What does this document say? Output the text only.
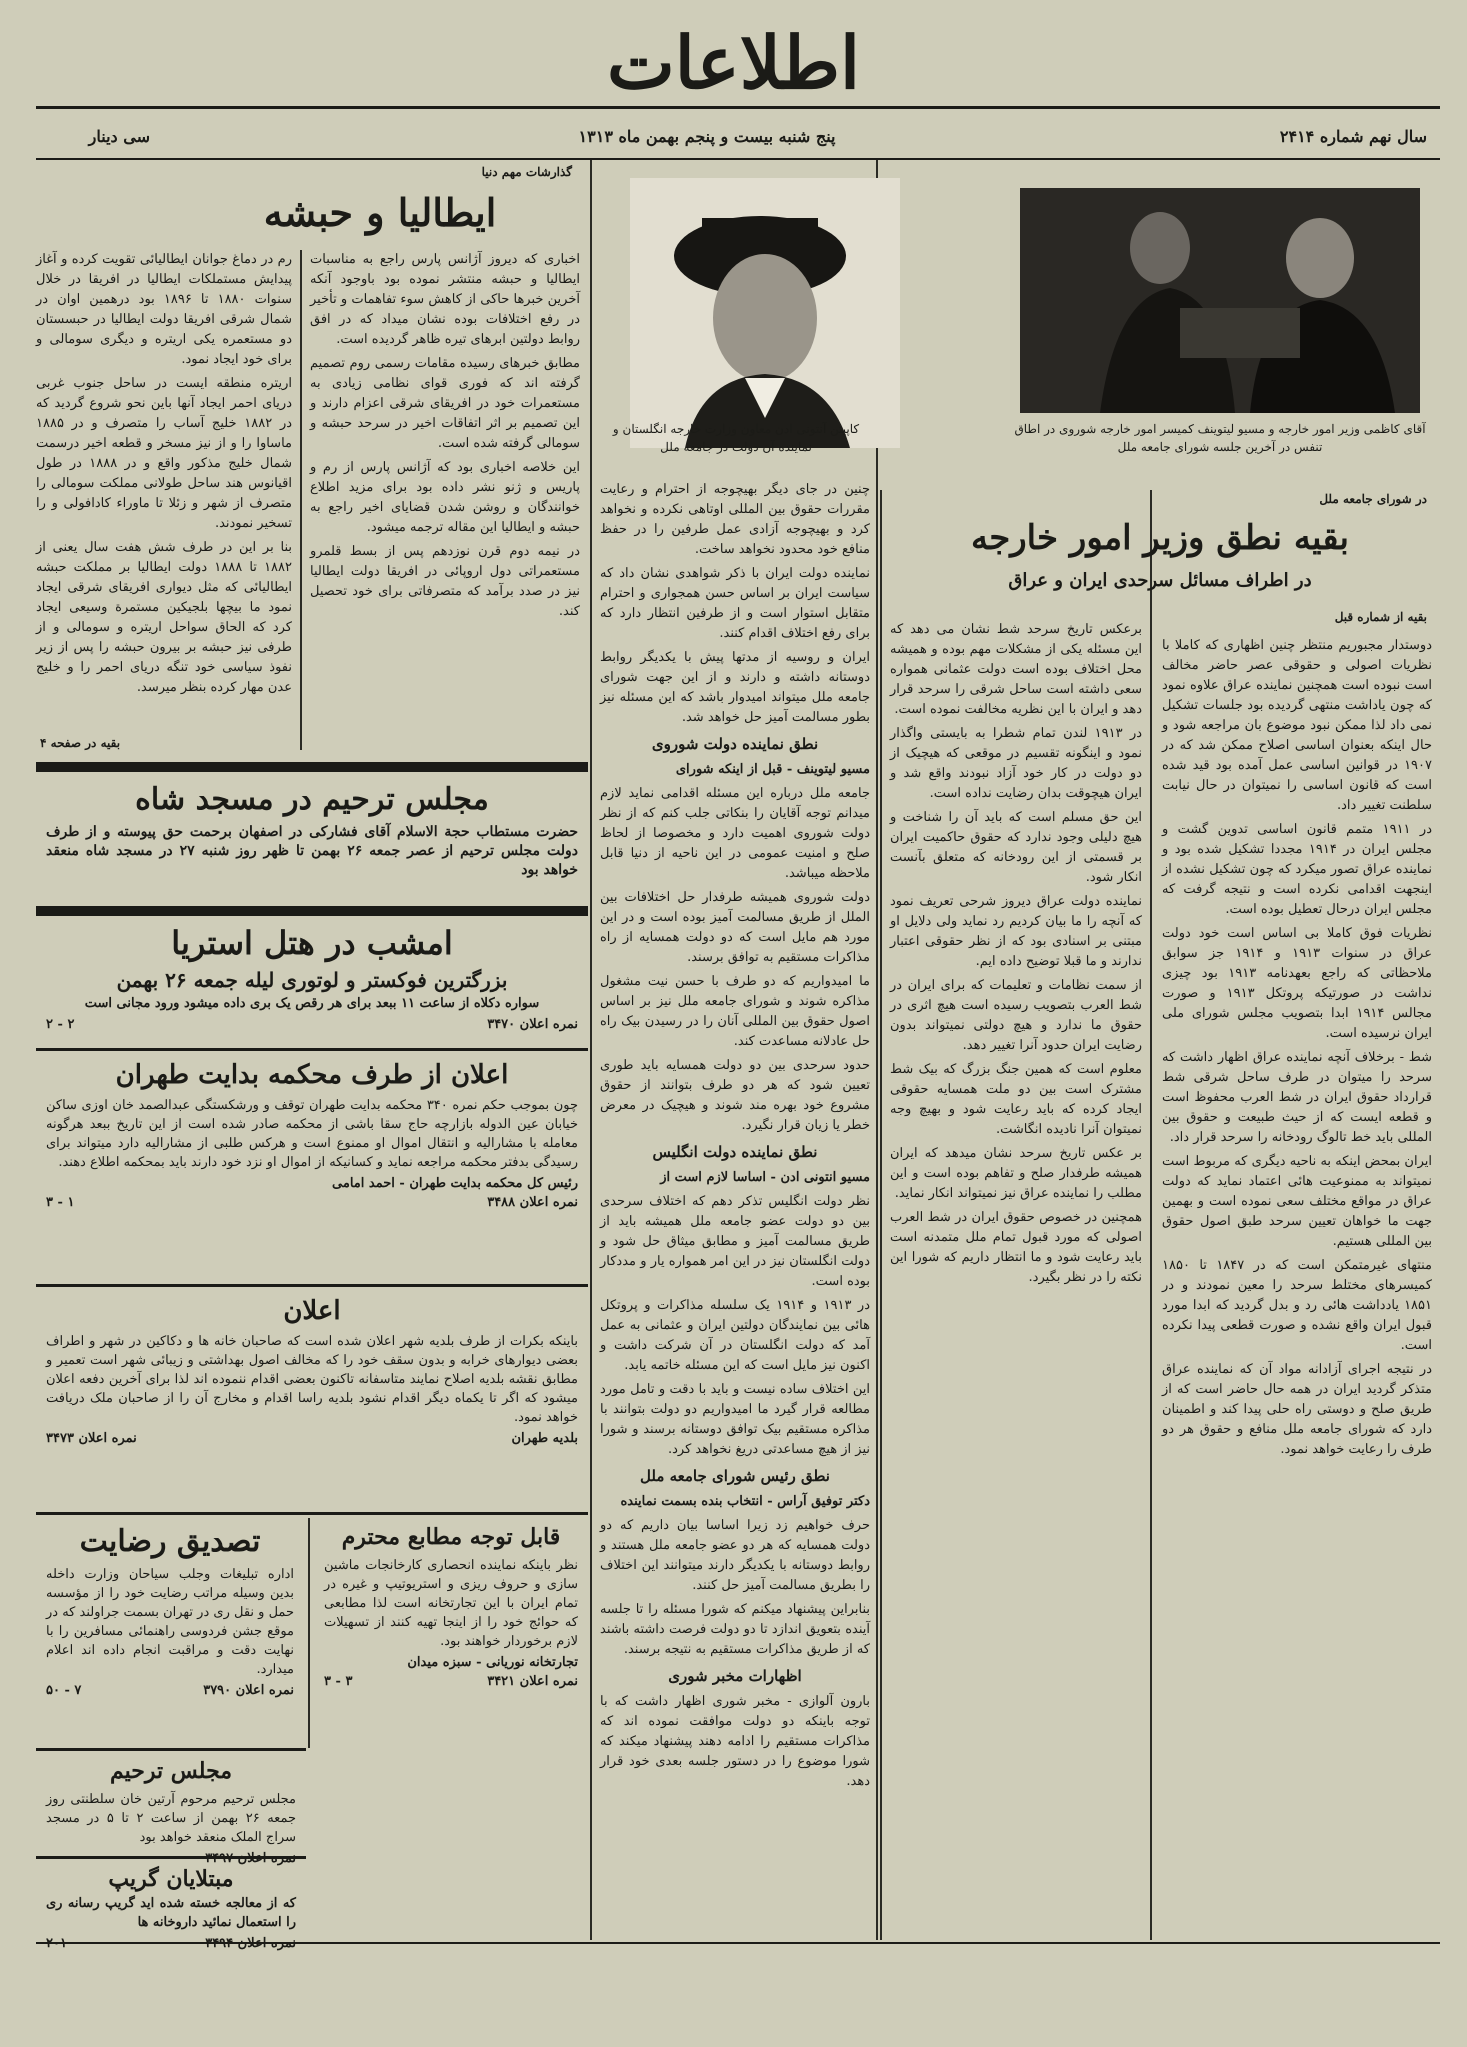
اطلاعات
سال نهم شماره ۲۴۱۴
پنج شنبه بیست و پنجم بهمن ماه ۱۳۱۳
سی دینار
آقای کاظمی وزیر امور خارجه و مسیو لیتوینف کمیسر امور خارجه شوروی در اطاق تنفس در آخرین جلسه شورای جامعه ملل
کاپیتن آنتونی ادن معاون وزارت خارجه انگلستان و نماینده آن دولت در جامعه ملل
گذارشات مهم دنیا
ایطالیا و حبشه

اخباری که دیروز آژانس پارس راجع به مناسبات ایطالیا و حبشه منتشر نموده بود باوجود آنکه آخرین خبرها حاکی از کاهش سوء تفاهمات و تأخیر در رفع اختلافات بوده نشان میداد که در افق روابط دولتین ابرهای تیره ظاهر گردیده است.

مطابق خبرهای رسیده مقامات رسمی روم تصمیم گرفته اند که فوری قوای نظامی زیادی به مستعمرات خود در افریقای شرقی اعزام دارند و این تصمیم بر اثر اتفاقات اخیر در سرحد حبشه و سومالی گرفته شده است.

این خلاصه اخباری بود که آژانس پارس از رم و پاریس و ژنو نشر داده بود برای مزید اطلاع خوانندگان و روشن شدن قضایای اخیر راجع به حبشه و ایطالیا این مقاله ترجمه میشود.

در نیمه دوم قرن نوزدهم پس از بسط قلمرو مستعمراتی دول اروپائی در افریقا دولت ایطالیا نیز در صدد برآمد که متصرفاتی برای خود تحصیل کند.

رم در دماغ جوانان ایطالیائی تقویت کرده و آغاز پیدایش مستملکات ایطالیا در افریقا در خلال سنوات ۱۸۸۰ تا ۱۸۹۶ بود درهمین اوان در شمال شرقی افریقا دولت ایطالیا در حبسستان دو مستعمره یکی اریتره و دیگری سومالی و برای خود ایجاد نمود.

اریتره منطقه ایست در ساحل جنوب غربی دریای احمر ایجاد آنها باین نحو شروع گردید که در ۱۸۸۲ خلیج آساب را متصرف و در ۱۸۸۵ ماساوا را و از نیز مسخر و قطعه اخیر درسمت شمال خلیج مذکور واقع و در ۱۸۸۸ در طول اقیانوس هند ساحل طولانی مملکت سومالی را متصرف از شهر و زئلا تا ماوراء کادافولی و را تسخیر نمودند.

بنا بر این در طرف شش هفت سال یعنی از ۱۸۸۲ تا ۱۸۸۸ دولت ایطالیا بر مملکت حبشه ایطالیائی که مثل دیواری افریقای شرقی ایجاد نمود ما بیچها بلجیکین مستمرة وسیعی ایجاد کرد که الحاق سواحل اریتره و سومالی و از طرفی نیز حبشه بر بیرون حبشه را پس از زیر نفوذ سیاسی خود تنگه دریای احمر را و خلیج عدن مهار کرده بنظر میرسد.

بقیه در صفحه ۴
مجلس ترحیم در مسجد شاه
حضرت مستطاب حجة الاسلام آقای فشارکی در اصفهان برحمت حق پیوسته و از طرف دولت مجلس ترحیم از عصر جمعه ۲۶ بهمن تا ظهر روز شنبه ۲۷ در مسجد شاه منعقد خواهد بود
امشب در هتل استریا
بزرگترین فوکستر و لوتوری لیله جمعه ۲۶ بهمن
سواره دکلاه از ساعت ۱۱ ببعد برای هر رقص یک بری داده میشود ورود مجانی است
نمره اعلان ۳۴۷۰
۲ - ۲
اعلان از طرف محکمه بدایت طهران
چون بموجب حکم نمره ۳۴۰ محکمه بدایت طهران توقف و ورشکستگی عبدالصمد خان اوزی ساکن خیابان عین الدوله بازارچه حاج سقا باشی از محکمه صادر شده است از این تاریخ ببعد هرگونه معامله با مشارالیه و انتقال اموال او ممنوع است و هرکس طلبی از مشارالیه دارد میتواند برای رسیدگی بدفتر محکمه مراجعه نماید و کسانیکه از اموال او نزد خود دارند باید بمحکمه اطلاع دهند.
رئیس کل محکمه بدایت طهران - احمد امامی
نمره اعلان ۳۴۸۸
۱ - ۳
اعلان
باینکه بکرات از طرف بلدیه شهر اعلان شده است که صاحبان خانه ها و دکاکین در شهر و اطراف بعضی دیوارهای خرابه و بدون سقف خود را که مخالف اصول بهداشتی و زیبائی شهر است تعمیر و مطابق نقشه بلدیه اصلاح نمایند متاسفانه تاکنون بعضی اقدام ننموده اند لذا برای آخرین دفعه اعلان میشود که اگر تا یکماه دیگر اقدام نشود بلدیه راسا اقدام و مخارج آن را از صاحبان ملک دریافت خواهد نمود.
بلدیه طهران
نمره اعلان ۳۴۷۳
قابل توجه مطابع محترم
نظر باینکه نماینده انحصاری کارخانجات ماشین سازی و حروف ریزی و استریوتیپ و غیره در تمام ایران با این تجارتخانه است لذا مطابعی که حوائج خود را از اینجا تهیه کنند از تسهیلات لازم برخوردار خواهند بود.
تجارتخانه نوریانی - سبزه میدان
نمره اعلان ۳۴۲۱
۳ - ۳
تصدیق رضایت
اداره تبلیغات وجلب سیاحان وزارت داخله بدین وسیله مراتب رضایت خود را از مؤسسه حمل و نقل ری در تهران بسمت جراولند که در موقع جشن فردوسی راهنمائی مسافرین را با نهایت دقت و مراقبت انجام داده اند اعلام میدارد.
نمره اعلان ۳۷۹۰
۷ - ۵۰
مجلس ترحیم
مجلس ترحیم مرحوم آرتین خان سلطنتی روز جمعه ۲۶ بهمن از ساعت ۲ تا ۵ در مسجد سراج الملک منعقد خواهد بود
مبتلایان گریپ
که از معالجه خسته شده اید گریپ رسانه ری را استعمال نمائید داروخانه ها
در شورای جامعه ملل
بقیه نطق وزیر امور خارجه
در اطراف مسائل سرحدی ایران و عراق
بقیه از شماره قبل

دوستدار مجبوریم منتظر چنین اظهاری که کاملا با نظریات اصولی و حقوقی عصر حاضر مخالف است نبوده است همچنین نماینده عراق علاوه نمود که چون یاداشت منتهی گردیده بود جلسات تشکیل نمی داد لذا ممکن نبود موضوع بان مراجعه شود و حال اینکه بعنوان اساسی اصلاح ممکن شد که در ۱۹۰۷ در قوانین اساسی عمل آمده بود قید شده است که قانون اساسی را نمیتوان در حال نیابت سلطنت تغییر داد.

در ۱۹۱۱ متمم قانون اساسی تدوین گشت و مجلس ایران در ۱۹۱۴ مجددا تشکیل شده بود و نماینده عراق تصور میکرد که چون تشکیل نشده از اینجهت اقدامی نکرده است و نتیجه گرفت که مجلس ایران درحال تعطیل بوده است.

نظریات فوق کاملا بی اساس است خود دولت عراق در سنوات ۱۹۱۳ و ۱۹۱۴ جز سوابق ملاحظاتی که راجع بعهدنامه ۱۹۱۳ بود چیزی نداشت در صورتیکه پروتکل ۱۹۱۳ و صورت مجالس ۱۹۱۴ ابدا بتصویب مجلس شورای ملی ایران نرسیده است.

شط - برخلاف آنچه نماینده عراق اظهار داشت که سرحد را میتوان در طرف ساحل شرقی شط قرارداد حقوق ایران در شط العرب محفوظ است و قطعه ایست که از حیث طبیعت و حقوق بین المللی باید خط تالوگ رودخانه را سرحد قرار داد.

ایران بمحض اینکه به ناحیه دیگری که مربوط است نمیتواند به ممنوعیت هائی اعتماد نماید که دولت عراق در مواقع مختلف سعی نموده است و بهمین جهت ما خواهان تعیین سرحد طبق اصول حقوق بین المللی هستیم.

منتهای غیرمتمکن است که در ۱۸۴۷ تا ۱۸۵۰ کمیسرهای مختلط سرحد را معین نمودند و در ۱۸۵۱ یادداشت هائی رد و بدل گردید که ابدا مورد قبول ایران واقع نشده و صورت قطعی پیدا نکرده است.

در نتیجه اجرای آزادانه مواد آن که نماینده عراق متذکر گردید ایران در همه حال حاضر است که از طریق صلح و دوستی راه حلی پیدا کند و اطمینان دارد که شورای جامعه ملل منافع و حقوق هر دو طرف را رعایت خواهد نمود.

برعکس تاریخ سرحد شط نشان می دهد که این مسئله یکی از مشکلات مهم بوده و همیشه محل اختلاف بوده است دولت عثمانی همواره سعی داشته است ساحل شرقی را سرحد قرار دهد و ایران با این نظریه مخالفت نموده است.

در ۱۹۱۳ لندن تمام شطرا به بایستی واگذار نمود و اینگونه تقسیم در موقعی که هیچیک از دو دولت در کار خود آزاد نبودند واقع شد و ایران هیچوقت بدان رضایت نداده است.

این حق مسلم است که باید آن را شناخت و هیچ دلیلی وجود ندارد که حقوق حاکمیت ایران بر قسمتی از این رودخانه که متعلق بآنست انکار شود.

نماینده دولت عراق دیروز شرحی تعریف نمود که آنچه را ما بیان کردیم رد نماید ولی دلایل او مبتنی بر اسنادی بود که از نظر حقوقی اعتبار ندارند و ما قبلا توضیح داده ایم.

از سمت نظامات و تعلیمات که برای ایران در شط العرب بتصویب رسیده است هیچ اثری در حقوق ما ندارد و هیچ دولتی نمیتواند بدون رضایت ایران حدود آنرا تغییر دهد.

معلوم است که همین جنگ بزرگ که بیک شط مشترک است بین دو ملت همسایه حقوقی ایجاد کرده که باید رعایت شود و بهیچ وجه نمیتوان آنرا نادیده انگاشت.

بر عکس تاریخ سرحد نشان میدهد که ایران همیشه طرفدار صلح و تفاهم بوده است و این مطلب را نماینده عراق نیز نمیتواند انکار نماید.

همچنین در خصوص حقوق ایران در شط العرب اصولی که مورد قبول تمام ملل متمدنه است باید رعایت شود و ما انتظار داریم که شورا این نکته را در نظر بگیرد.

چنین در جای دیگر بهیچوجه از احترام و رعایت مقررات حقوق بین المللی اوتاهی نکرده و نخواهد کرد و بهیچوجه آزادی عمل طرفین را در حفظ منافع خود محدود نخواهد ساخت.

نماینده دولت ایران با ذکر شواهدی نشان داد که سیاست ایران بر اساس حسن همجواری و احترام متقابل استوار است و از طرفین انتظار دارد که برای رفع اختلاف اقدام کنند.

ایران و روسیه از مدتها پیش با یکدیگر روابط دوستانه داشته و دارند و از این جهت شورای جامعه ملل میتواند امیدوار باشد که این مسئله نیز بطور مسالمت آمیز حل خواهد شد.

نطق نماینده دولت شوروی

مسیو لیتوینف - قبل از اینکه شورای

جامعه ملل درباره این مسئله اقدامی نماید لازم میدانم توجه آقایان را بنکاتی جلب کنم که از نظر دولت شوروی اهمیت دارد و مخصوصا از لحاظ صلح و امنیت عمومی در این ناحیه از دنیا قابل ملاحظه میباشد.

دولت شوروی همیشه طرفدار حل اختلافات بین الملل از طریق مسالمت آمیز بوده است و در این مورد هم مایل است که دو دولت همسایه از راه مذاکرات مستقیم به توافق برسند.

ما امیدواریم که دو طرف با حسن نیت مشغول مذاکره شوند و شورای جامعه ملل نیز بر اساس اصول حقوق بین المللی آنان را در رسیدن بیک راه حل عادلانه مساعدت کند.

حدود سرحدی بین دو دولت همسایه باید طوری تعیین شود که هر دو طرف بتوانند از حقوق مشروع خود بهره مند شوند و هیچیک در معرض خطر یا زیان قرار نگیرد.

نطق نماینده دولت انگلیس

مسیو انتونی ادن - اساسا لازم است از

نظر دولت انگلیس تذکر دهم که اختلاف سرحدی بین دو دولت عضو جامعه ملل همیشه باید از طریق مسالمت آمیز و مطابق میثاق حل شود و دولت انگلستان نیز در این امر همواره یار و مددکار بوده است.

در ۱۹۱۳ و ۱۹۱۴ یک سلسله مذاکرات و پروتکل هائی بین نمایندگان دولتین ایران و عثمانی به عمل آمد که دولت انگلستان در آن شرکت داشت و اکنون نیز مایل است که این مسئله خاتمه یابد.

این اختلاف ساده نیست و باید با دقت و تامل مورد مطالعه قرار گیرد ما امیدواریم دو دولت بتوانند با مذاکره مستقیم بیک توافق دوستانه برسند و شورا نیز از هیچ مساعدتی دریغ نخواهد کرد.

نطق رئیس شورای جامعه ملل

دکتر توفیق آراس - انتخاب بنده بسمت نماینده

حرف خواهیم زد زیرا اساسا بیان داریم که دو دولت همسایه که هر دو عضو جامعه ملل هستند و روابط دوستانه با یکدیگر دارند میتوانند این اختلاف را بطریق مسالمت آمیز حل کنند.

بنابراین پیشنهاد میکنم که شورا مسئله را تا جلسه آینده بتعویق اندازد تا دو دولت فرصت داشته باشند که از طریق مذاکرات مستقیم به نتیجه برسند.

اظهارات مخبر شوری

بارون آلوازی - مخبر شوری اظهار داشت که با توجه باینکه دو دولت موافقت نموده اند که مذاکرات مستقیم را ادامه دهند پیشنهاد میکند که شورا موضوع را در دستور جلسه بعدی خود قرار دهد.
